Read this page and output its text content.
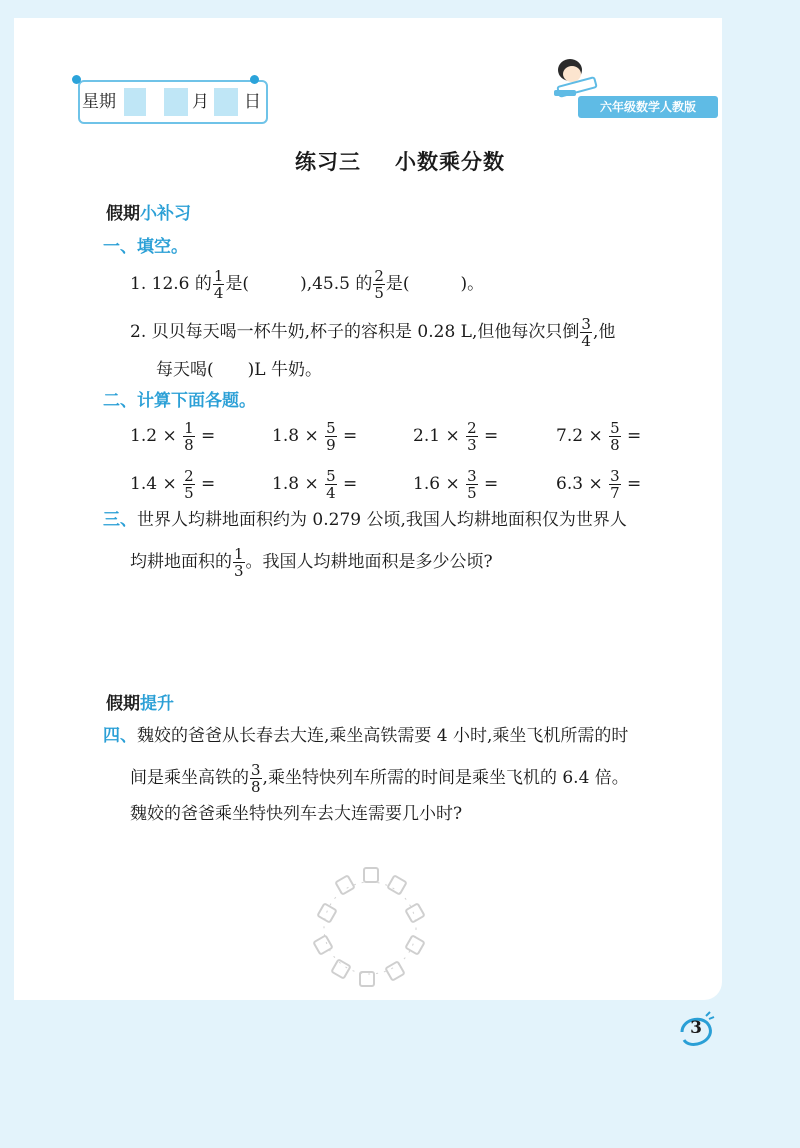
星期	月 日	六年级数学人教版
练习三 小数乘分数
假期小补习
一、填空。
1. 12.6 的 $\frac{1}{4}$ 是(　　　),45.5 的 $\frac{2}{5}$ 是(　　　)。
2. 贝贝每天喝一杯牛奶,杯子的容积是 0.28 L,但他每次只倒 $\frac{3}{4}$ ,他
每天喝(　　)L 牛奶。
二、计算下面各题。
$1.2 \times \frac{1}{8}$ =	$1.8 \times \frac{5}{9}$ =	$2.1 \times \frac{2}{3}$ =	$7.2 \times \frac{5}{8}$ =
$1.4 \times \frac{2}{5}$ =	$1.8 \times \frac{5}{4}$ =	$1.6 \times \frac{3}{5}$ =	$6.3 \times \frac{3}{7}$ =
三、世界人均耕地面积约为 0.279 公顷,我国人均耕地面积仅为世界人
均耕地面积的 $\frac{1}{3}$ 。我国人均耕地面积是多少公顷?
假期提升
四、魏姣的爸爸从长春去大连,乘坐高铁需要 4 小时,乘坐飞机所需的时
间是乘坐高铁的 $\frac{3}{8}$ ,乘坐特快列车所需的时间是乘坐飞机的 6.4 倍。
魏姣的爸爸乘坐特快列车去大连需要几小时?
3
